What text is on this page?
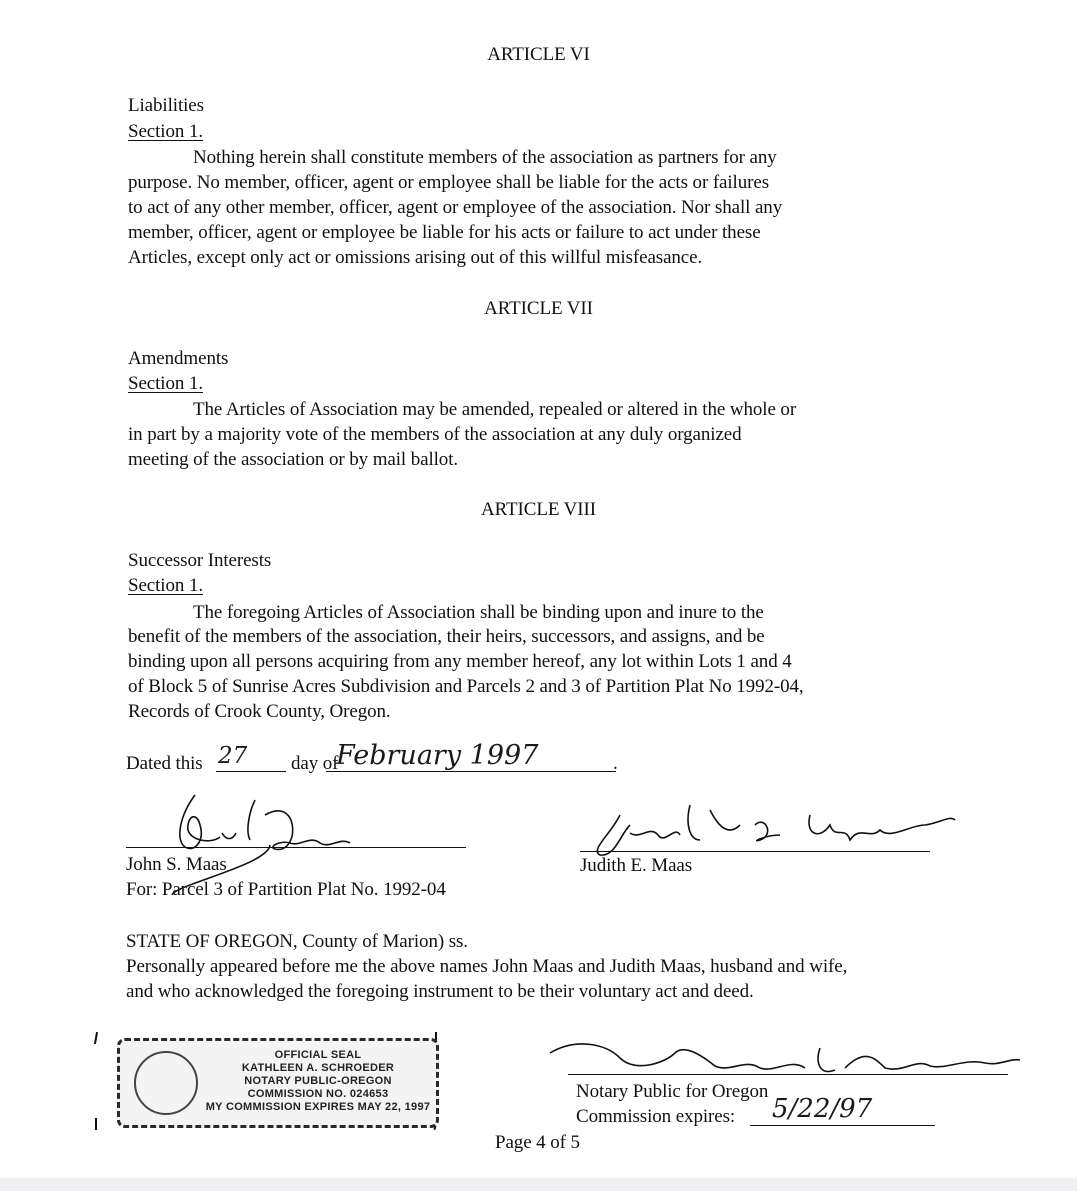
ARTICLE VI
Liabilities
Section 1.
Nothing herein shall constitute members of the association as partners for any
purpose. No member, officer, agent or employee shall be liable for the acts or failures
to act of any other member, officer, agent or employee of the association. Nor shall any
member, officer, agent or employee be liable for his acts or failure to act under these
Articles, except only act or omissions arising out of this willful misfeasance.
ARTICLE VII
Amendments
Section 1.
The Articles of Association may be amended, repealed or altered in the whole or
in part by a majority vote of the members of the association at any duly organized
meeting of the association or by mail ballot.
ARTICLE VIII
Successor Interests
Section 1.
The foregoing Articles of Association shall be binding upon and inure to the
benefit of the members of the association, their heirs, successors, and assigns, and be
binding upon all persons acquiring from any member hereof, any lot within Lots 1 and 4
of Block 5 of Sunrise Acres Subdivision and Parcels 2 and 3 of Partition Plat No 1992-04,
Records of Crook County, Oregon.
Dated this 27 day of
February 1997	.
John S. Maas
For: Parcel 3 of Partition Plat No. 1992-04
Judith E. Maas
STATE OF OREGON, County of Marion) ss.
Personally appeared before me the above names John Maas and Judith Maas, husband and wife,
and who acknowledged the foregoing instrument to be their voluntary act and deed.
OFFICIAL SEAL
KATHLEEN A. SCHROEDER
NOTARY PUBLIC-OREGON
COMMISSION NO. 024653
MY COMMISSION EXPIRES MAY 22, 1997
Notary Public for Oregon
Commission expires: 5/22/97
Page 4 of 5
